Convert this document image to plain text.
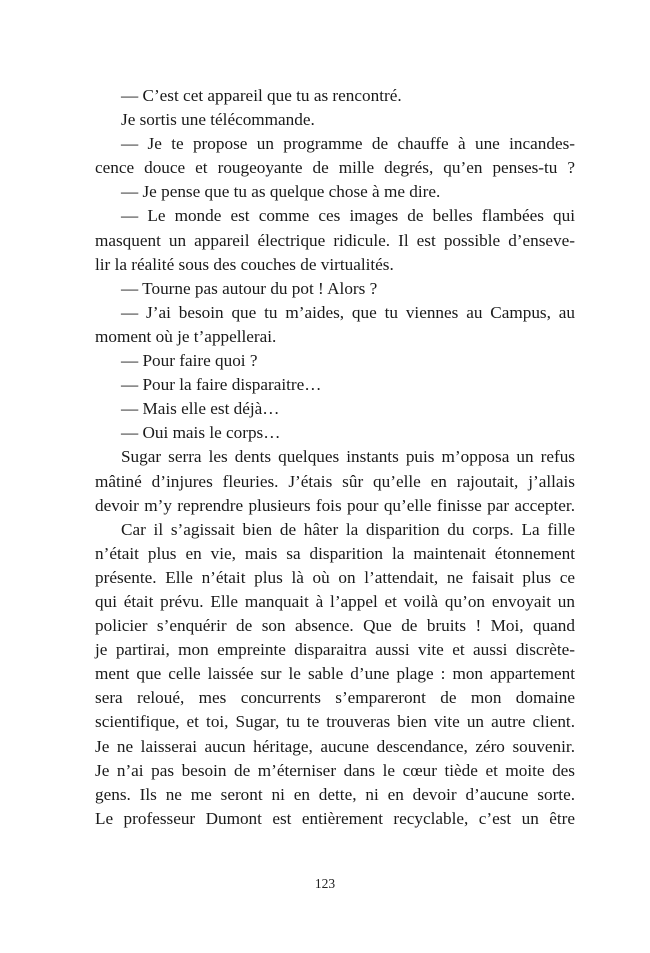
— C’est cet appareil que tu as rencontré.
Je sortis une télécommande.
— Je te propose un programme de chauffe à une incandes-
cence douce et rougeoyante de mille degrés, qu’en penses-tu ?
— Je pense que tu as quelque chose à me dire.
— Le monde est comme ces images de belles flambées qui
masquent un appareil électrique ridicule. Il est possible d’enseve-
lir la réalité sous des couches de virtualités.
— Tourne pas autour du pot ! Alors ?
— J’ai besoin que tu m’aides, que tu viennes au Campus, au
moment où je t’appellerai.
— Pour faire quoi ?
— Pour la faire disparaitre…
— Mais elle est déjà…
— Oui mais le corps…
Sugar serra les dents quelques instants puis m’opposa un refus
mâtiné d’injures fleuries. J’étais sûr qu’elle en rajoutait, j’allais
devoir m’y reprendre plusieurs fois pour qu’elle finisse par accepter.
Car il s’agissait bien de hâter la disparition du corps. La fille
n’était plus en vie, mais sa disparition la maintenait étonnement
présente. Elle n’était plus là où on l’attendait, ne faisait plus ce
qui était prévu. Elle manquait à l’appel et voilà qu’on envoyait un
policier s’enquérir de son absence. Que de bruits ! Moi, quand
je partirai, mon empreinte disparaitra aussi vite et aussi discrète-
ment que celle laissée sur le sable d’une plage : mon appartement
sera reloué, mes concurrents s’empareront de mon domaine
scientifique, et toi, Sugar, tu te trouveras bien vite un autre client.
Je ne laisserai aucun héritage, aucune descendance, zéro souvenir.
Je n’ai pas besoin de m’éterniser dans le cœur tiède et moite des
gens. Ils ne me seront ni en dette, ni en devoir d’aucune sorte.
Le professeur Dumont est entièrement recyclable, c’est un être
123
